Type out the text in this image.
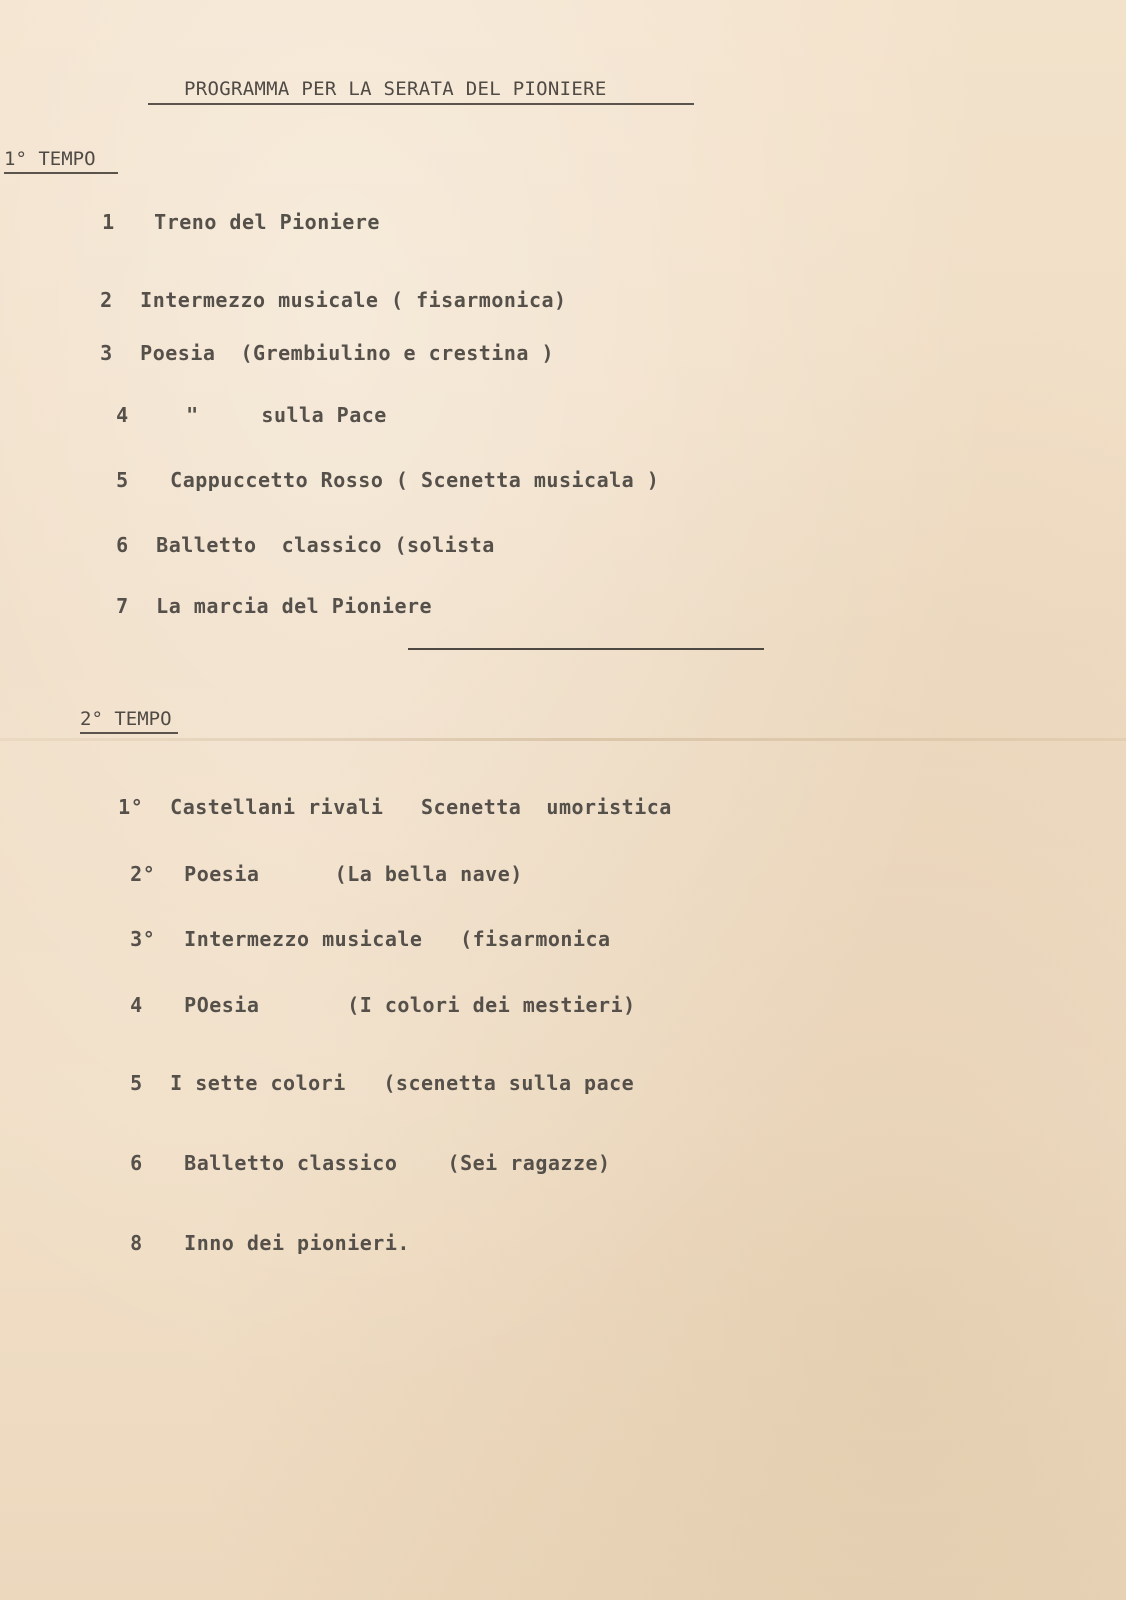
PROGRAMMA PER LA SERATA DEL PIONIERE
1° TEMPO

1 Treno del Pioniere

2 Intermezzo musicale ( fisarmonica)

3 Poesia  (Grembiulino e crestina )

4	"     sulla Pace

5 Cappuccetto Rosso ( Scenetta musicala )

6 Balletto  classico (solista

7 La marcia del Pioniere

2° TEMPO

1° Castellani rivali   Scenetta  umoristica

2° Poesia      (La bella nave)

3° Intermezzo musicale   (fisarmonica

4 POesia       (I colori dei mestieri)

5 I sette colori   (scenetta sulla pace

6 Balletto classico    (Sei ragazze)

8 Inno dei pionieri.
